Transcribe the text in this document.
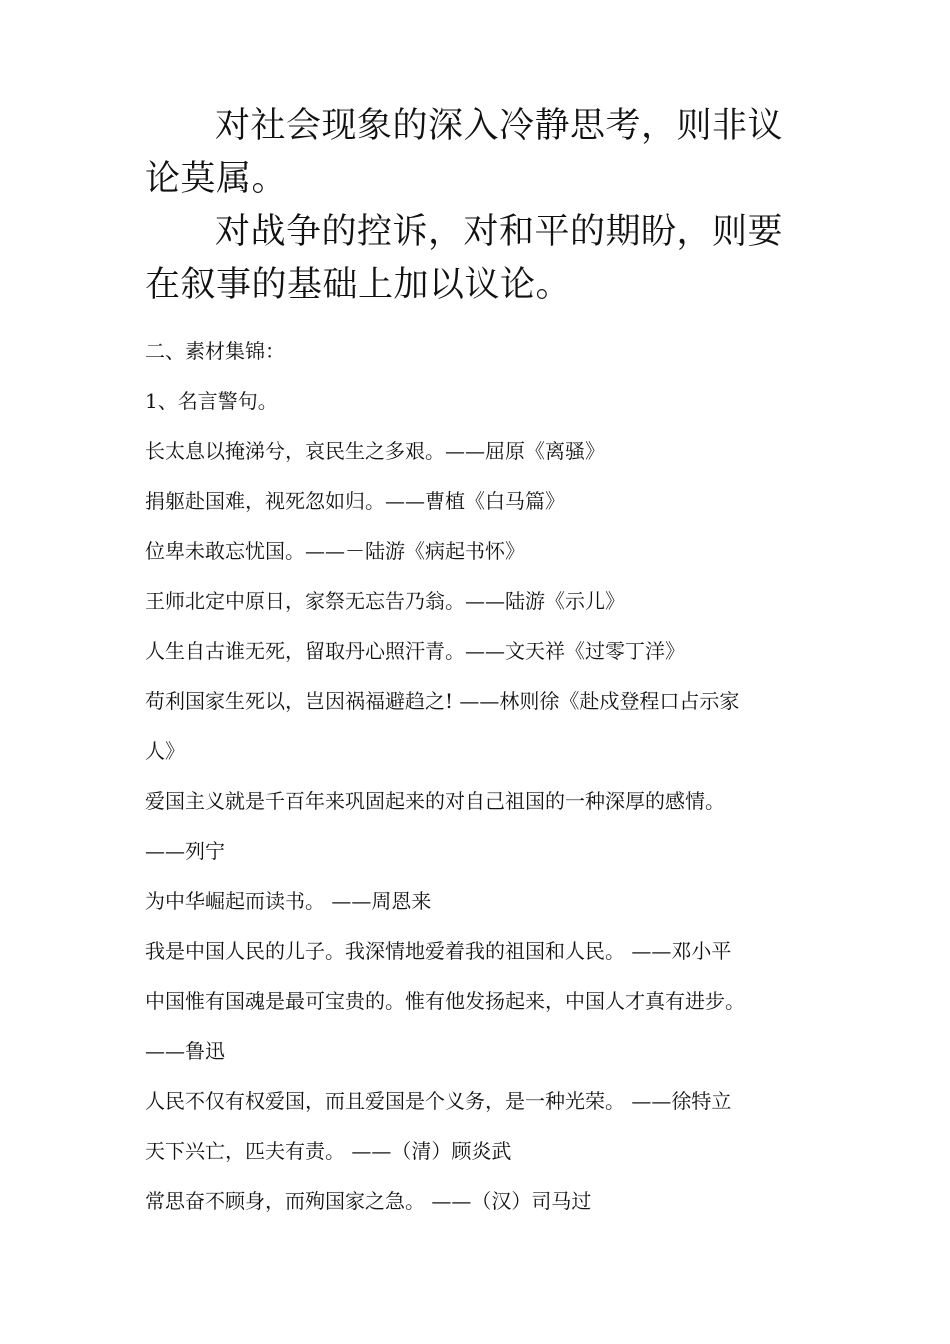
对社会现象的深入冷静思考，则非议论莫属。

对战争的控诉，对和平的期盼，则要在叙事的基础上加以议论。

二、素材集锦：

1、名言警句。

长太息以掩涕兮，哀民生之多艰。——屈原《离骚》

捐躯赴国难，视死忽如归。——曹植《白马篇》

位卑未敢忘忧国。——－陆游《病起书怀》

王师北定中原日，家祭无忘告乃翁。——陆游《示儿》

人生自古谁无死，留取丹心照汗青。——文天祥《过零丁洋》

苟利国家生死以，岂因祸福避趋之! ——林则徐《赴戍登程口占示家

人》

爱国主义就是千百年来巩固起来的对自己祖国的一种深厚的感情。

——列宁

为中华崛起而读书。 ——周恩来

我是中国人民的儿子。我深情地爱着我的祖国和人民。 ——邓小平

中国惟有国魂是最可宝贵的。惟有他发扬起来，中国人才真有进步。

——鲁迅

人民不仅有权爱国，而且爱国是个义务，是一种光荣。 ——徐特立

天下兴亡，匹夫有责。 ——（清）顾炎武

常思奋不顾身，而殉国家之急。 ——（汉）司马过
